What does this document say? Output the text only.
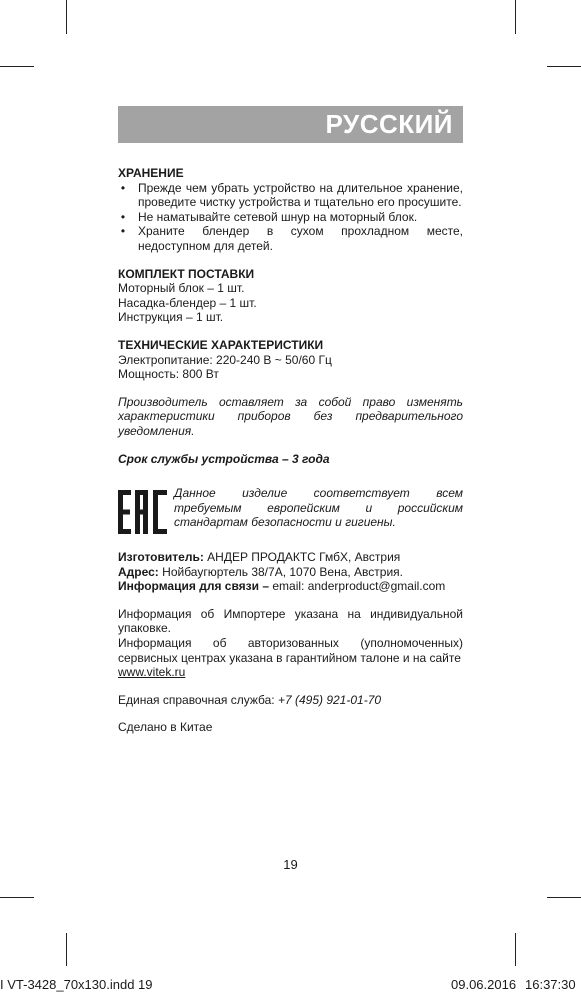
РУССКИЙ

ХРАНЕНИЕ

• Прежде чем убрать устройство на длительное хранение, проведите чистку устройства и тщательно его просушите.
• Не наматывайте сетевой шнур на моторный блок.
• Храните блендер в сухом прохладном месте, недоступном для детей.

КОМПЛЕКТ ПОСТАВКИ

Моторный блок – 1 шт.

Насадка-блендер – 1 шт.

Инструкция – 1 шт.

ТЕХНИЧЕСКИЕ ХАРАКТЕРИСТИКИ

Электропитание: 220-240 В ~ 50/60 Гц

Мощность: 800 Вт

Производитель оставляет за собой право изменять характеристики приборов без предварительного уведомления.

Срок службы устройства – 3 года

Данное изделие соответствует всем требуемым европейским и российским стандартам безопасности и гигиены.

Изготовитель: АНДЕР ПРОДАКТС ГмбХ, Австрия

Адрес: Нойбаугюртель 38/7А, 1070 Вена, Австрия.

Информация для связи – email: anderproduct@gmail.com

Информация об Импортере указана на индивидуальной упаковке.

Информация об авторизованных (уполномоченных) сервисных центрах указана в гарантийном талоне и на сайте

www.vitek.ru

Единая справочная служба: +7 (495) 921-01-70

Сделано в Китае

19
I VT-3428_70x130.indd 19	09.06.2016 16:37:30
